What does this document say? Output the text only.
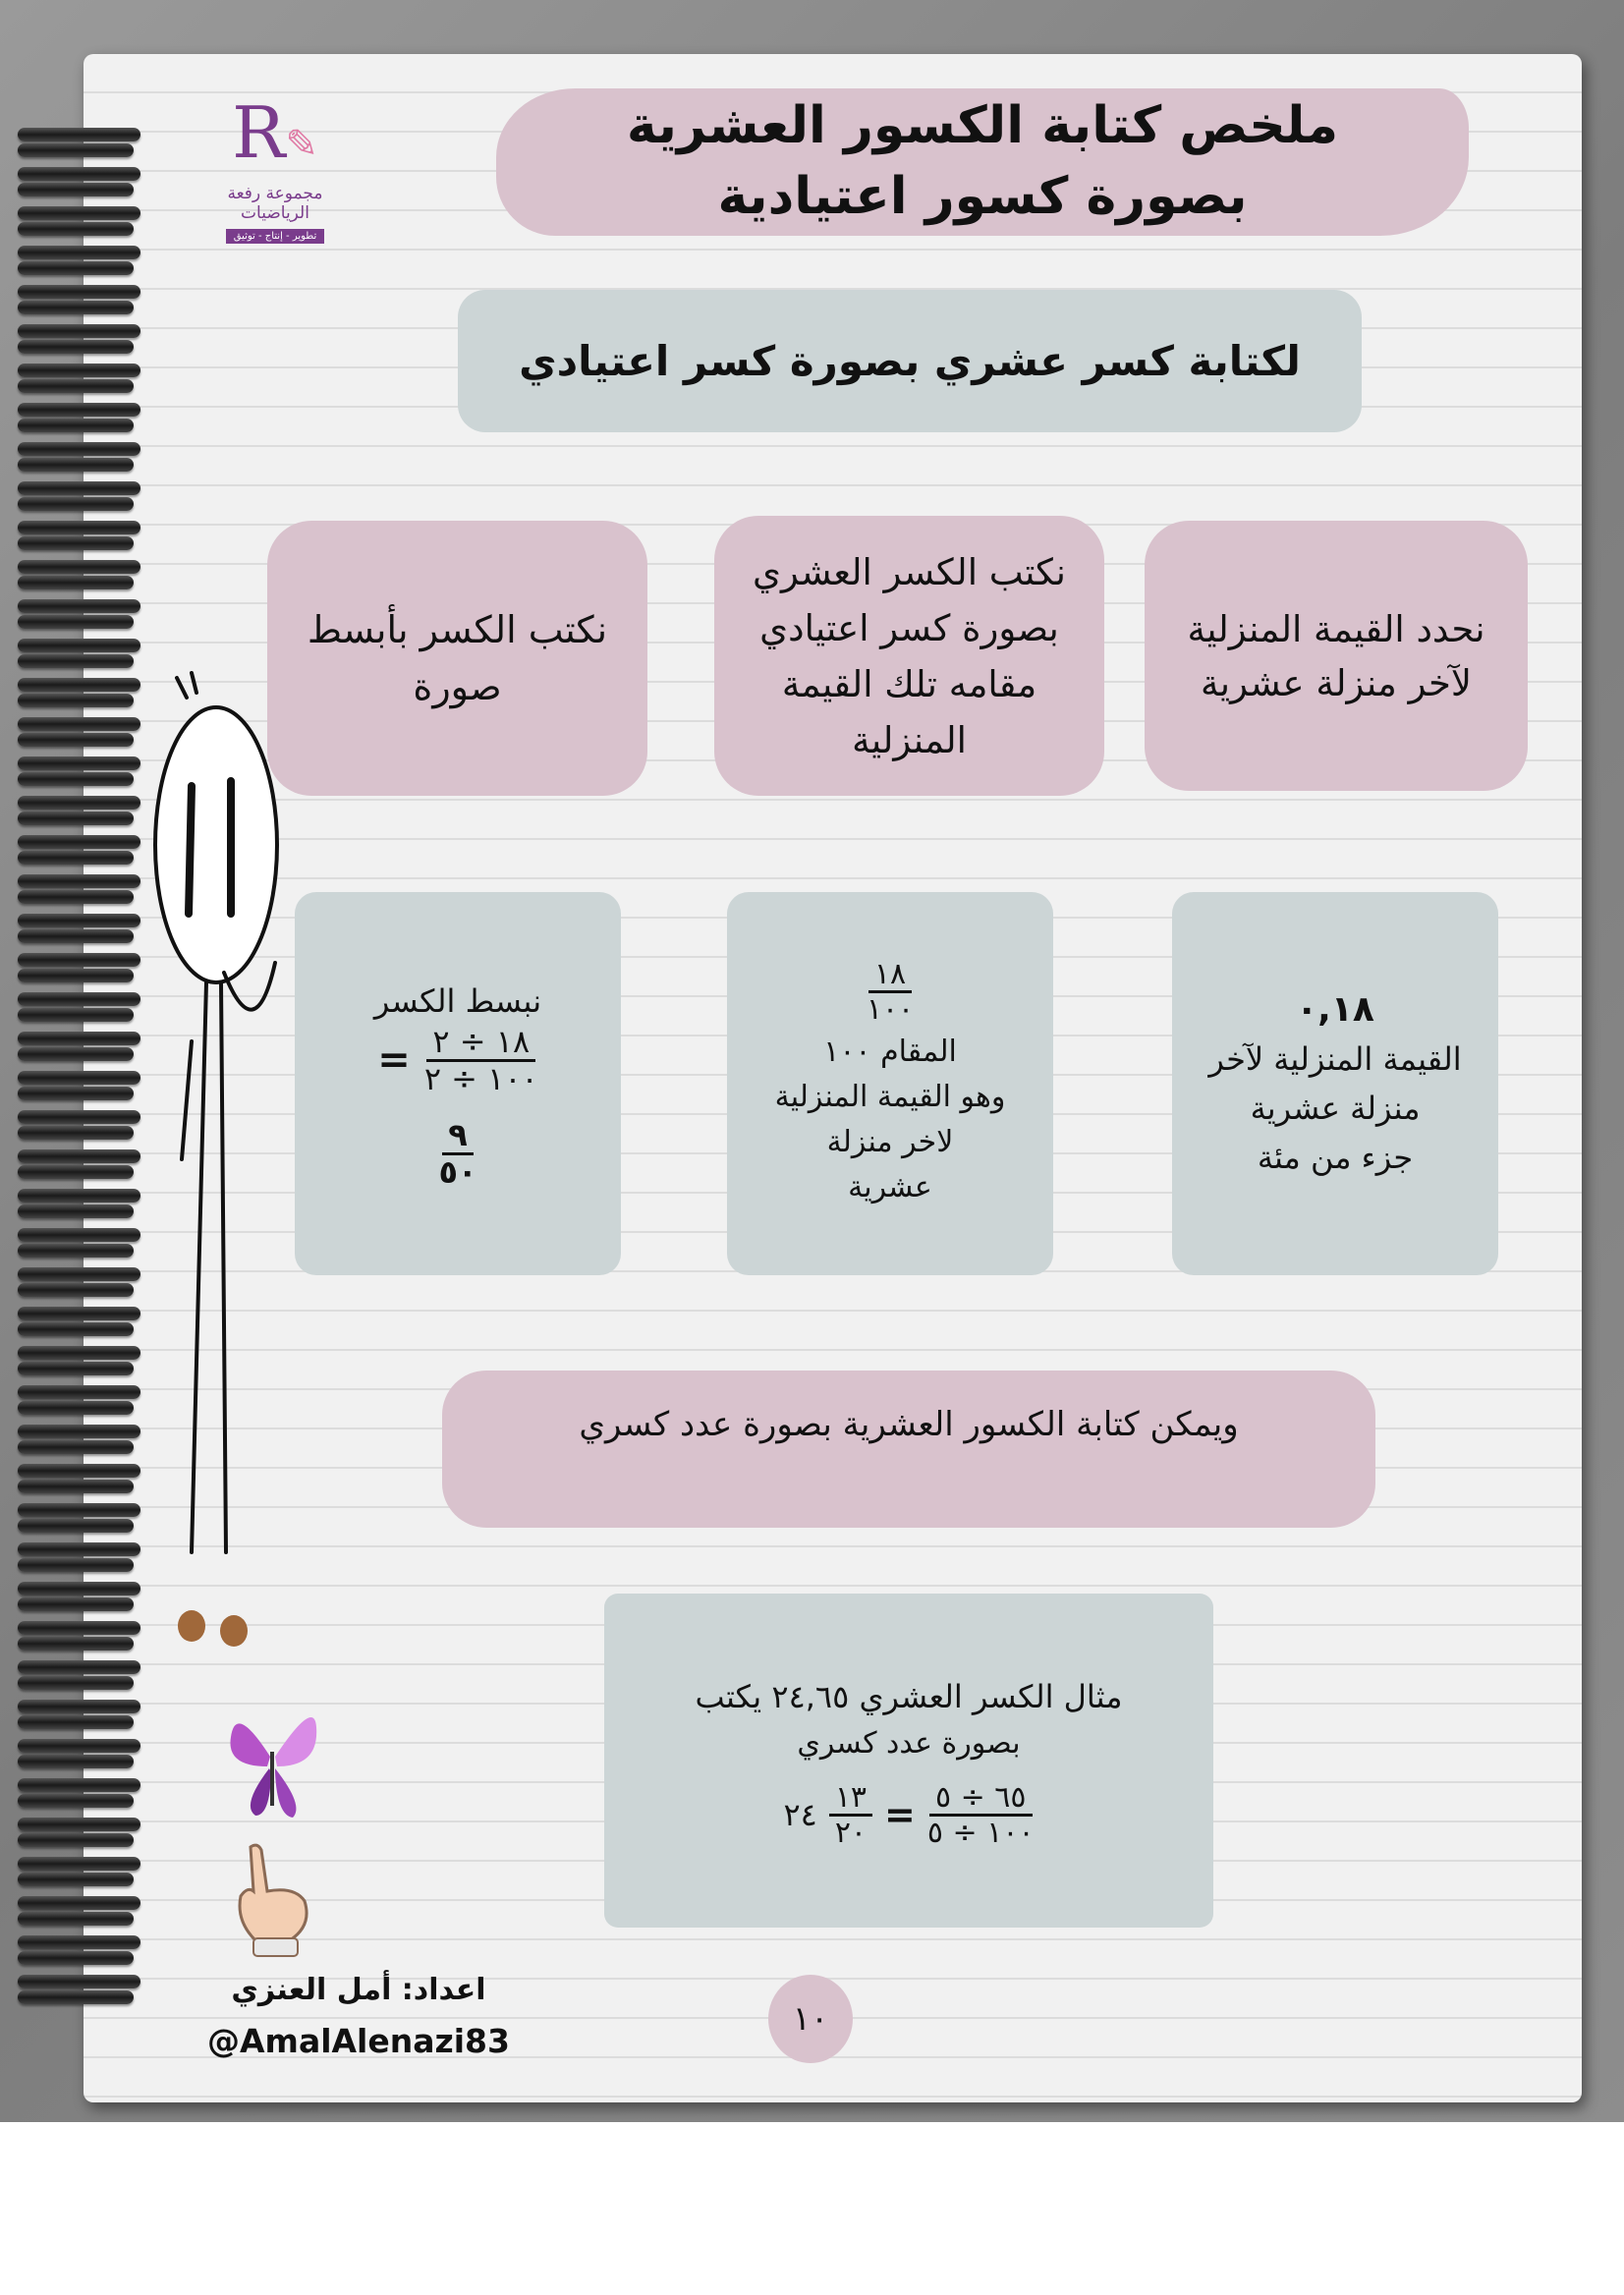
ملخص كتابة الكسور العشرية
بصورة كسور اعتيادية
R✎
مجموعة رفعة الرياضيات
تطوير - إنتاج - توثيق
لكتابة كسر عشري بصورة كسر اعتيادي
نحدد القيمة المنزلية
لآخر منزلة عشرية
نكتب الكسر العشري
بصورة كسر اعتيادي
مقامه تلك القيمة
المنزلية
نكتب الكسر بأبسط
صورة
٠,١٨
القيمة المنزلية لآخر
منزلة عشرية
جزء من مئة
١٨
١٠٠
المقام ١٠٠
وهو القيمة المنزلية
لاخر منزلة
عشرية
نبسط الكسر
١٨ ÷ ٢
١٠٠ ÷ ٢
=
٩
٥٠
ويمكن كتابة الكسور العشرية بصورة عدد كسري
مثال الكسر العشري ٢٤,٦٥ يكتب
بصورة عدد كسري
٦٥ ÷ ٥
١٠٠ ÷ ٥
=
١٣
٢٠
٢٤
اعداد: أمل العنزي
@AmalAlenazi83
١٠
